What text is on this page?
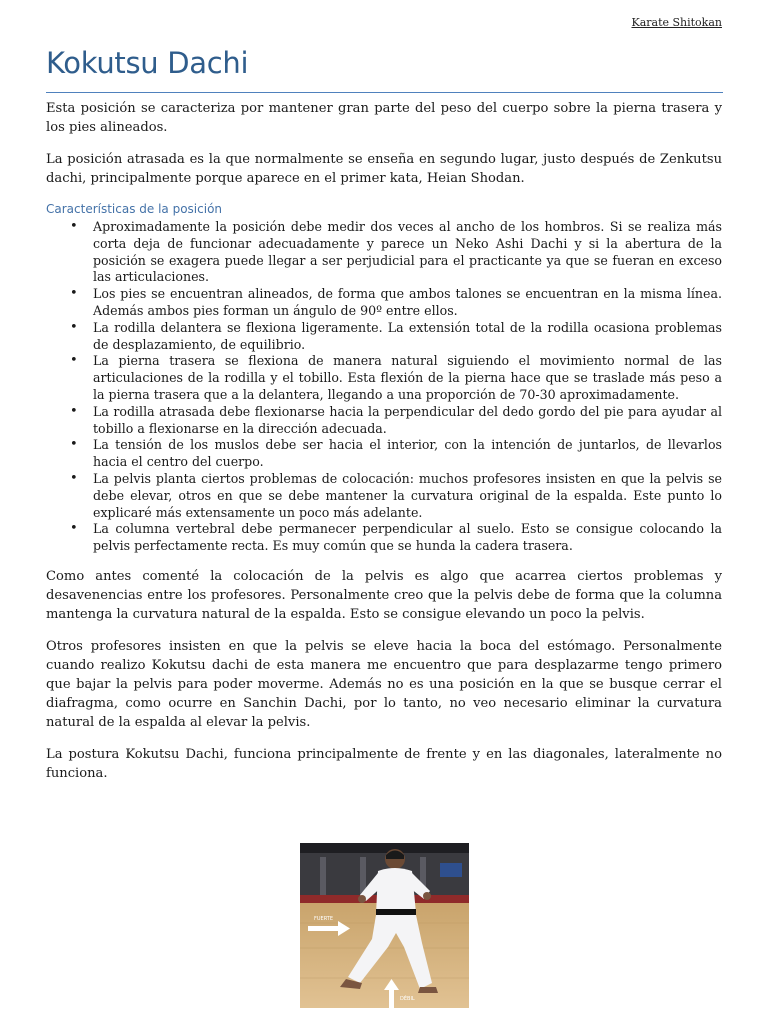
Karate Shitokan
Kokutsu Dachi

Esta posición se caracteriza por mantener gran parte del peso del cuerpo sobre la pierna trasera y los pies alineados.

La posición atrasada es la que normalmente se enseña en segundo lugar, justo después de Zenkutsu dachi, principalmente porque aparece en el primer kata, Heian Shodan.

Características de la posición
• Aproximadamente la posición debe medir dos veces al ancho de los hombros. Si se realiza más corta deja de funcionar adecuadamente y parece un Neko Ashi Dachi y si la abertura de la posición se exagera puede llegar a ser perjudicial para el practicante ya que se fueran en exceso las articulaciones.
• Los pies se encuentran alineados, de forma que ambos talones se encuentran en la misma línea. Además ambos pies forman un ángulo de 90º entre ellos.
• La rodilla delantera se flexiona ligeramente. La extensión total de la rodilla ocasiona problemas de desplazamiento, de equilibrio.
• La pierna trasera se flexiona de manera natural siguiendo el movimiento normal de las articulaciones de la rodilla y el tobillo. Esta flexión de la pierna hace que se traslade más peso a la pierna trasera que a la delantera, llegando a una proporción de 70-30 aproximadamente.
• La rodilla atrasada debe flexionarse hacia la perpendicular del dedo gordo del pie para ayudar al tobillo a flexionarse en la dirección adecuada.
• La tensión de los muslos debe ser hacia el interior, con la intención de juntarlos, de llevarlos hacia el centro del cuerpo.
• La pelvis planta ciertos problemas de colocación: muchos profesores insisten en que la pelvis se debe elevar, otros en que se debe mantener la curvatura original de la espalda. Este punto lo explicaré más extensamente un poco más adelante.
• La columna vertebral debe permanecer perpendicular al suelo. Esto se consigue colocando la pelvis perfectamente recta. Es muy común que se hunda la cadera trasera.

Como antes comenté la colocación de la pelvis es algo que acarrea ciertos problemas y desavenencias entre los profesores. Personalmente creo que la pelvis debe de forma que la columna mantenga la curvatura natural de la espalda. Esto se consigue elevando un poco la pelvis.

Otros profesores insisten en que la pelvis se eleve hacia la boca del estómago. Personalmente cuando realizo Kokutsu dachi de esta manera me encuentro que para desplazarme tengo primero que bajar la pelvis para poder moverme. Además no es una posición en la que se busque cerrar el diafragma, como ocurre en Sanchin Dachi, por lo tanto, no veo necesario eliminar la curvatura natural de la espalda al elevar la pelvis.

La postura Kokutsu Dachi, funciona principalmente de frente y en las diagonales, lateralmente no funciona.

FUERTE
DÉBIL
